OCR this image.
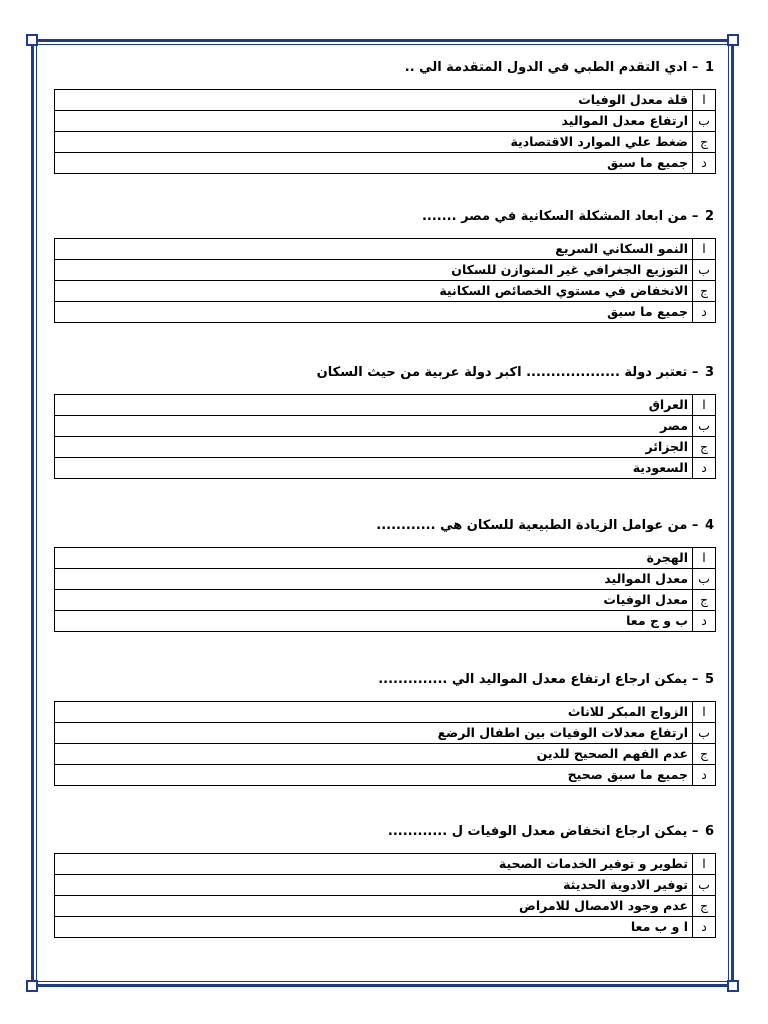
1 – ادي التقدم الطبي في الدول المتقدمة الي ..
ا	قلة معدل الوفيات
ب	ارتفاع معدل المواليد
ج	ضغط علي الموارد الاقتصادية
د	جميع ما سبق
2 – من ابعاد المشكلة السكانية في مصر .......
ا	النمو السكاني السريع
ب	التوزيع الجغرافي غير المتوازن للسكان
ج	الانخفاض في مستوي الخصائص السكانية
د	جميع ما سبق
3 – تعتبر دولة ................... اكبر دولة عربية من حيث السكان
ا	العراق
ب	مصر
ج	الجزائر
د	السعودية
4 – من عوامل الزيادة الطبيعية للسكان هي ............
ا	الهجرة
ب	معدل المواليد
ج	معدل الوفيات
د	ب و ج معا
5 – يمكن ارجاع ارتفاع معدل المواليد الي ..............
ا	الزواج المبكر للاناث
ب	ارتفاع معدلات الوفيات بين اطفال الرضع
ج	عدم الفهم الصحيح للدين
د	جميع ما سبق صحيح
6 – يمكن ارجاع انخفاض معدل الوفيات ل ............
ا	تطوير و توفير الخدمات الصحية
ب	توفير الادوية الحديثة
ج	عدم وجود الامصال للامراض
د	ا و ب معا
